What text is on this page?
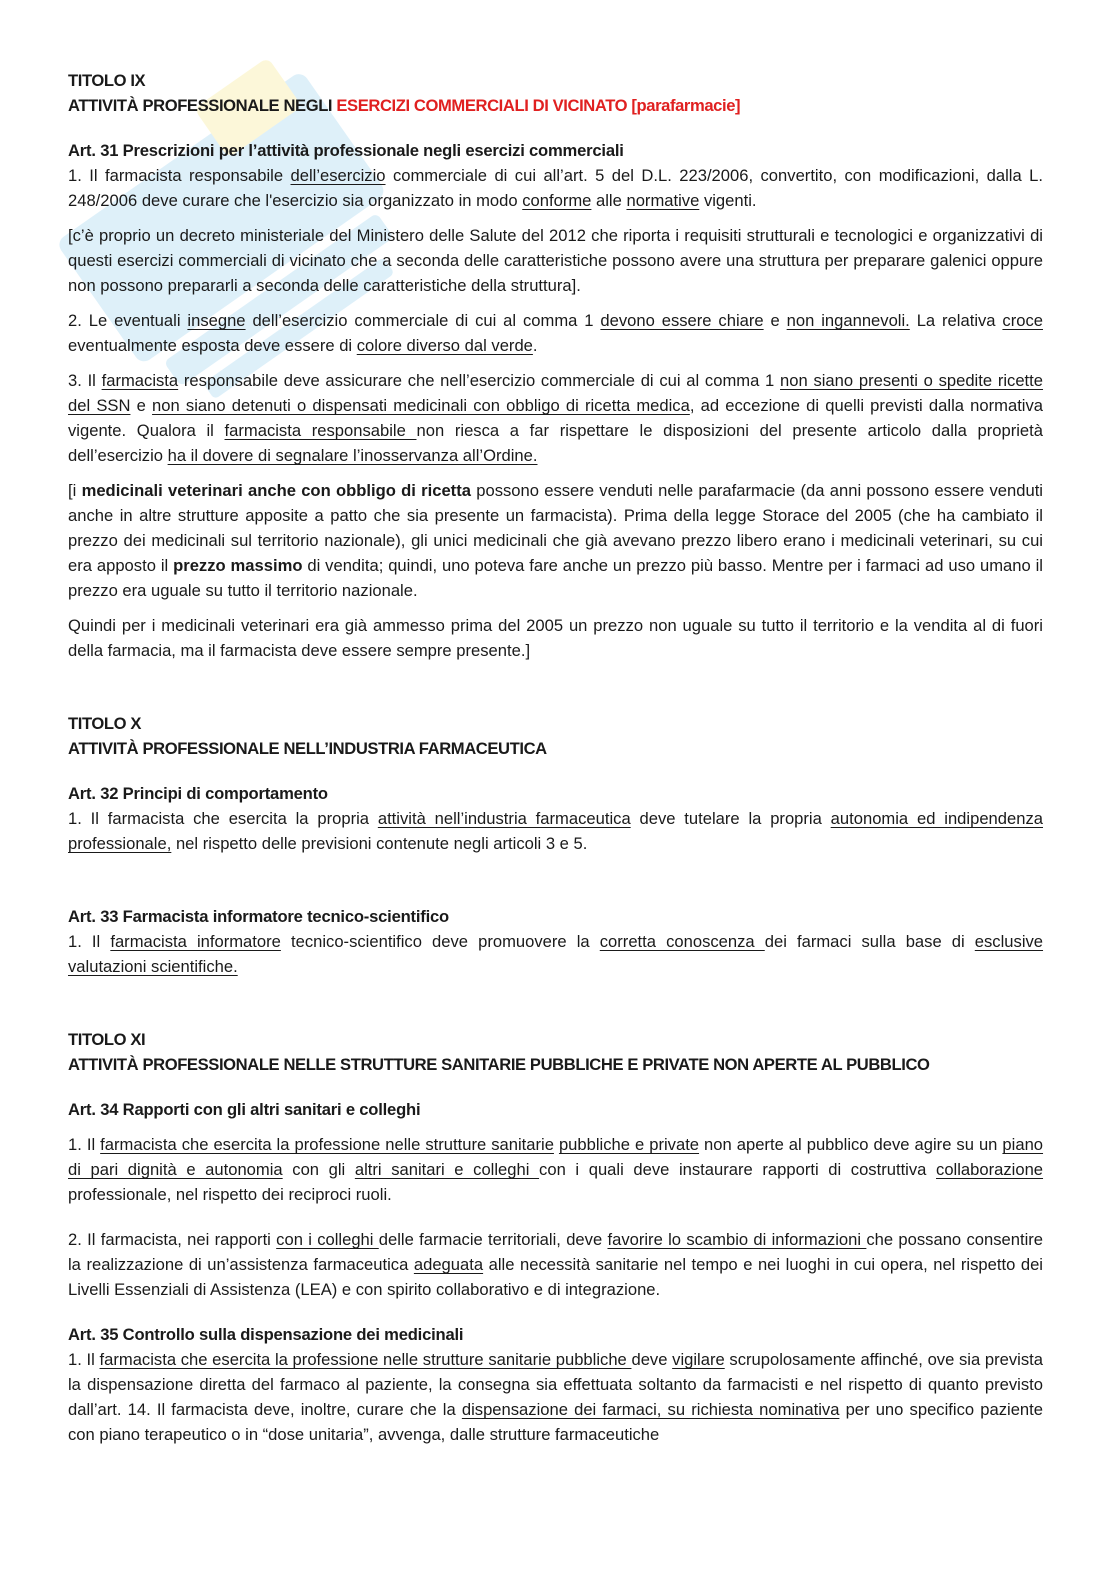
TITOLO IX
ATTIVITÀ PROFESSIONALE NEGLI ESERCIZI COMMERCIALI DI VICINATO [parafarmacie]
Art. 31 Prescrizioni per l’attività professionale negli esercizi commerciali

1. Il farmacista responsabile dell’esercizio commerciale di cui all’art. 5 del D.L. 223/2006, convertito, con modificazioni, dalla L. 248/2006 deve curare che l'esercizio sia organizzato in modo conforme alle normative vigenti.

[c’è proprio un decreto ministeriale del Ministero delle Salute del 2012 che riporta i requisiti strutturali e tecnologici e organizzativi di questi esercizi commerciali di vicinato che a seconda delle caratteristiche possono avere una struttura per preparare galenici oppure non possono prepararli a seconda delle caratteristiche della struttura].

2. Le eventuali insegne dell’esercizio commerciale di cui al comma 1 devono essere chiare e non ingannevoli. La relativa croce eventualmente esposta deve essere di colore diverso dal verde.

3. Il farmacista responsabile deve assicurare che nell’esercizio commerciale di cui al comma 1 non siano presenti o spedite ricette del SSN e non siano detenuti o dispensati medicinali con obbligo di ricetta medica, ad eccezione di quelli previsti dalla normativa vigente. Qualora il farmacista responsabile non riesca a far rispettare le disposizioni del presente articolo dalla proprietà dell’esercizio ha il dovere di segnalare l’inosservanza all’Ordine.

[i medicinali veterinari anche con obbligo di ricetta possono essere venduti nelle parafarmacie (da anni possono essere venduti anche in altre strutture apposite a patto che sia presente un farmacista). Prima della legge Storace del 2005 (che ha cambiato il prezzo dei medicinali sul territorio nazionale), gli unici medicinali che già avevano prezzo libero erano i medicinali veterinari, su cui era apposto il prezzo massimo di vendita; quindi, uno poteva fare anche un prezzo più basso. Mentre per i farmaci ad uso umano il prezzo era uguale su tutto il territorio nazionale.

Quindi per i medicinali veterinari era già ammesso prima del 2005 un prezzo non uguale su tutto il territorio e la vendita al di fuori della farmacia, ma il farmacista deve essere sempre presente.]

TITOLO X
ATTIVITÀ PROFESSIONALE NELL’INDUSTRIA FARMACEUTICA
Art. 32 Principi di comportamento

1. Il farmacista che esercita la propria attività nell’industria farmaceutica deve tutelare la propria autonomia ed indipendenza professionale, nel rispetto delle previsioni contenute negli articoli 3 e 5.

Art. 33 Farmacista informatore tecnico-scientifico

1. Il farmacista informatore tecnico-scientifico deve promuovere la corretta conoscenza dei farmaci sulla base di esclusive valutazioni scientifiche.

TITOLO XI
ATTIVITÀ PROFESSIONALE NELLE STRUTTURE SANITARIE PUBBLICHE E PRIVATE NON APERTE AL PUBBLICO
Art. 34 Rapporti con gli altri sanitari e colleghi

1. Il farmacista che esercita la professione nelle strutture sanitarie pubbliche e private non aperte al pubblico deve agire su un piano di pari dignità e autonomia con gli altri sanitari e colleghi con i quali deve instaurare rapporti di costruttiva collaborazione professionale, nel rispetto dei reciproci ruoli.

2. Il farmacista, nei rapporti con i colleghi delle farmacie territoriali, deve favorire lo scambio di informazioni che possano consentire la realizzazione di un’assistenza farmaceutica adeguata alle necessità sanitarie nel tempo e nei luoghi in cui opera, nel rispetto dei Livelli Essenziali di Assistenza (LEA) e con spirito collaborativo e di integrazione.

Art. 35 Controllo sulla dispensazione dei medicinali

1. Il farmacista che esercita la professione nelle strutture sanitarie pubbliche deve vigilare scrupolosamente affinché, ove sia prevista la dispensazione diretta del farmaco al paziente, la consegna sia effettuata soltanto da farmacisti e nel rispetto di quanto previsto dall’art. 14. Il farmacista deve, inoltre, curare che la dispensazione dei farmaci, su richiesta nominativa per uno specifico paziente con piano terapeutico o in “dose unitaria”, avvenga, dalle strutture farmaceutiche
